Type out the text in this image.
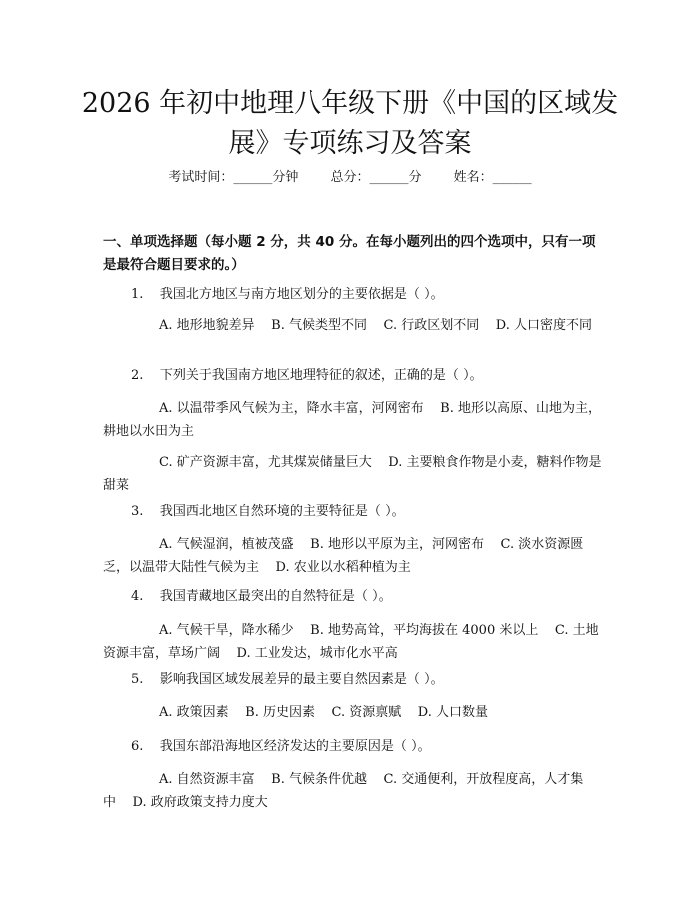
2026 年初中地理八年级下册《中国的区域发
展》专项练习及答案
考试时间：______分钟 总分：______分 姓名：______
一、单项选择题（每小题 2 分，共 40 分。在每小题列出的四个选项中，只有一项是最符合题目要求的。）
1.    我国北方地区与南方地区划分的主要依据是（ ）。
A. 地形地貌差异    B. 气候类型不同    C. 行政区划不同    D. 人口密度不同
2.    下列关于我国南方地区地理特征的叙述，正确的是（ ）。
A. 以温带季风气候为主，降水丰富，河网密布    B. 地形以高原、山地为主，耕地以水田为主
C. 矿产资源丰富，尤其煤炭储量巨大    D. 主要粮食作物是小麦，糖料作物是甜菜
3.    我国西北地区自然环境的主要特征是（ ）。
A. 气候湿润，植被茂盛    B. 地形以平原为主，河网密布    C. 淡水资源匮乏，以温带大陆性气候为主    D. 农业以水稻种植为主
4.    我国青藏地区最突出的自然特征是（ ）。
A. 气候干旱，降水稀少    B. 地势高耸，平均海拔在 4000 米以上    C. 土地资源丰富，草场广阔    D. 工业发达，城市化水平高
5.    影响我国区域发展差异的最主要自然因素是（ ）。
A. 政策因素    B. 历史因素    C. 资源禀赋    D. 人口数量
6.    我国东部沿海地区经济发达的主要原因是（ ）。
A. 自然资源丰富    B. 气候条件优越    C. 交通便利，开放程度高，人才集中    D. 政府政策支持力度大
